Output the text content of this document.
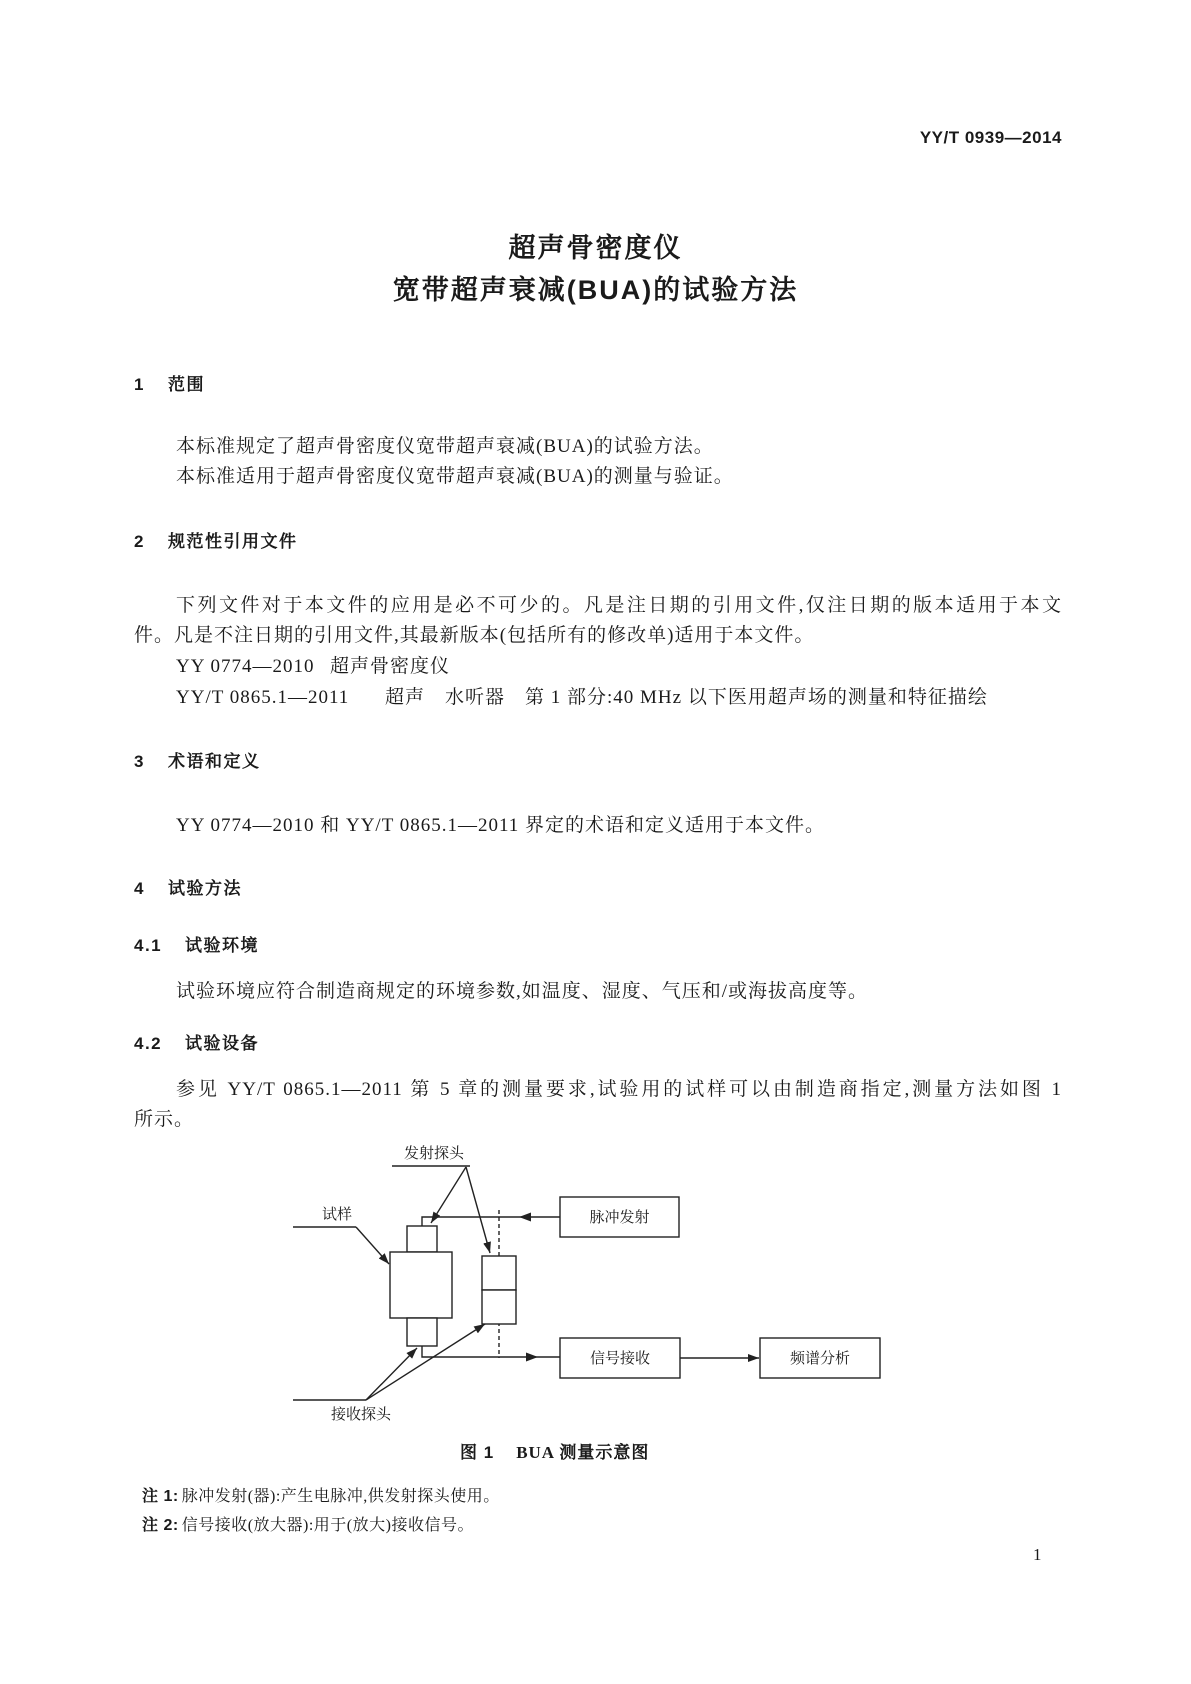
YY/T 0939—2014
超声骨密度仪
宽带超声衰减(BUA)的试验方法
1 范围
本标准规定了超声骨密度仪宽带超声衰减(BUA)的试验方法。
本标准适用于超声骨密度仪宽带超声衰减(BUA)的测量与验证。
2 规范性引用文件
下列文件对于本文件的应用是必不可少的。凡是注日期的引用文件,仅注日期的版本适用于本文
件。凡是不注日期的引用文件,其最新版本(包括所有的修改单)适用于本文件。
YY 0774—2010 超声骨密度仪
YY/T 0865.1—2011 超声　水听器　第 1 部分:40 MHz 以下医用超声场的测量和特征描绘
3 术语和定义
YY 0774—2010 和 YY/T 0865.1—2011 界定的术语和定义适用于本文件。
4 试验方法
4.1 试验环境
试验环境应符合制造商规定的环境参数,如温度、湿度、气压和/或海拔高度等。
4.2 试验设备
参见 YY/T 0865.1—2011 第 5 章的测量要求,试验用的试样可以由制造商指定,测量方法如图 1
所示。
发射探头
脉冲发射
试样
接收探头
信号接收	频谱分析
图 1 BUA 测量示意图
注 1: 脉冲发射(器):产生电脉冲,供发射探头使用。
注 2: 信号接收(放大器):用于(放大)接收信号。
1
